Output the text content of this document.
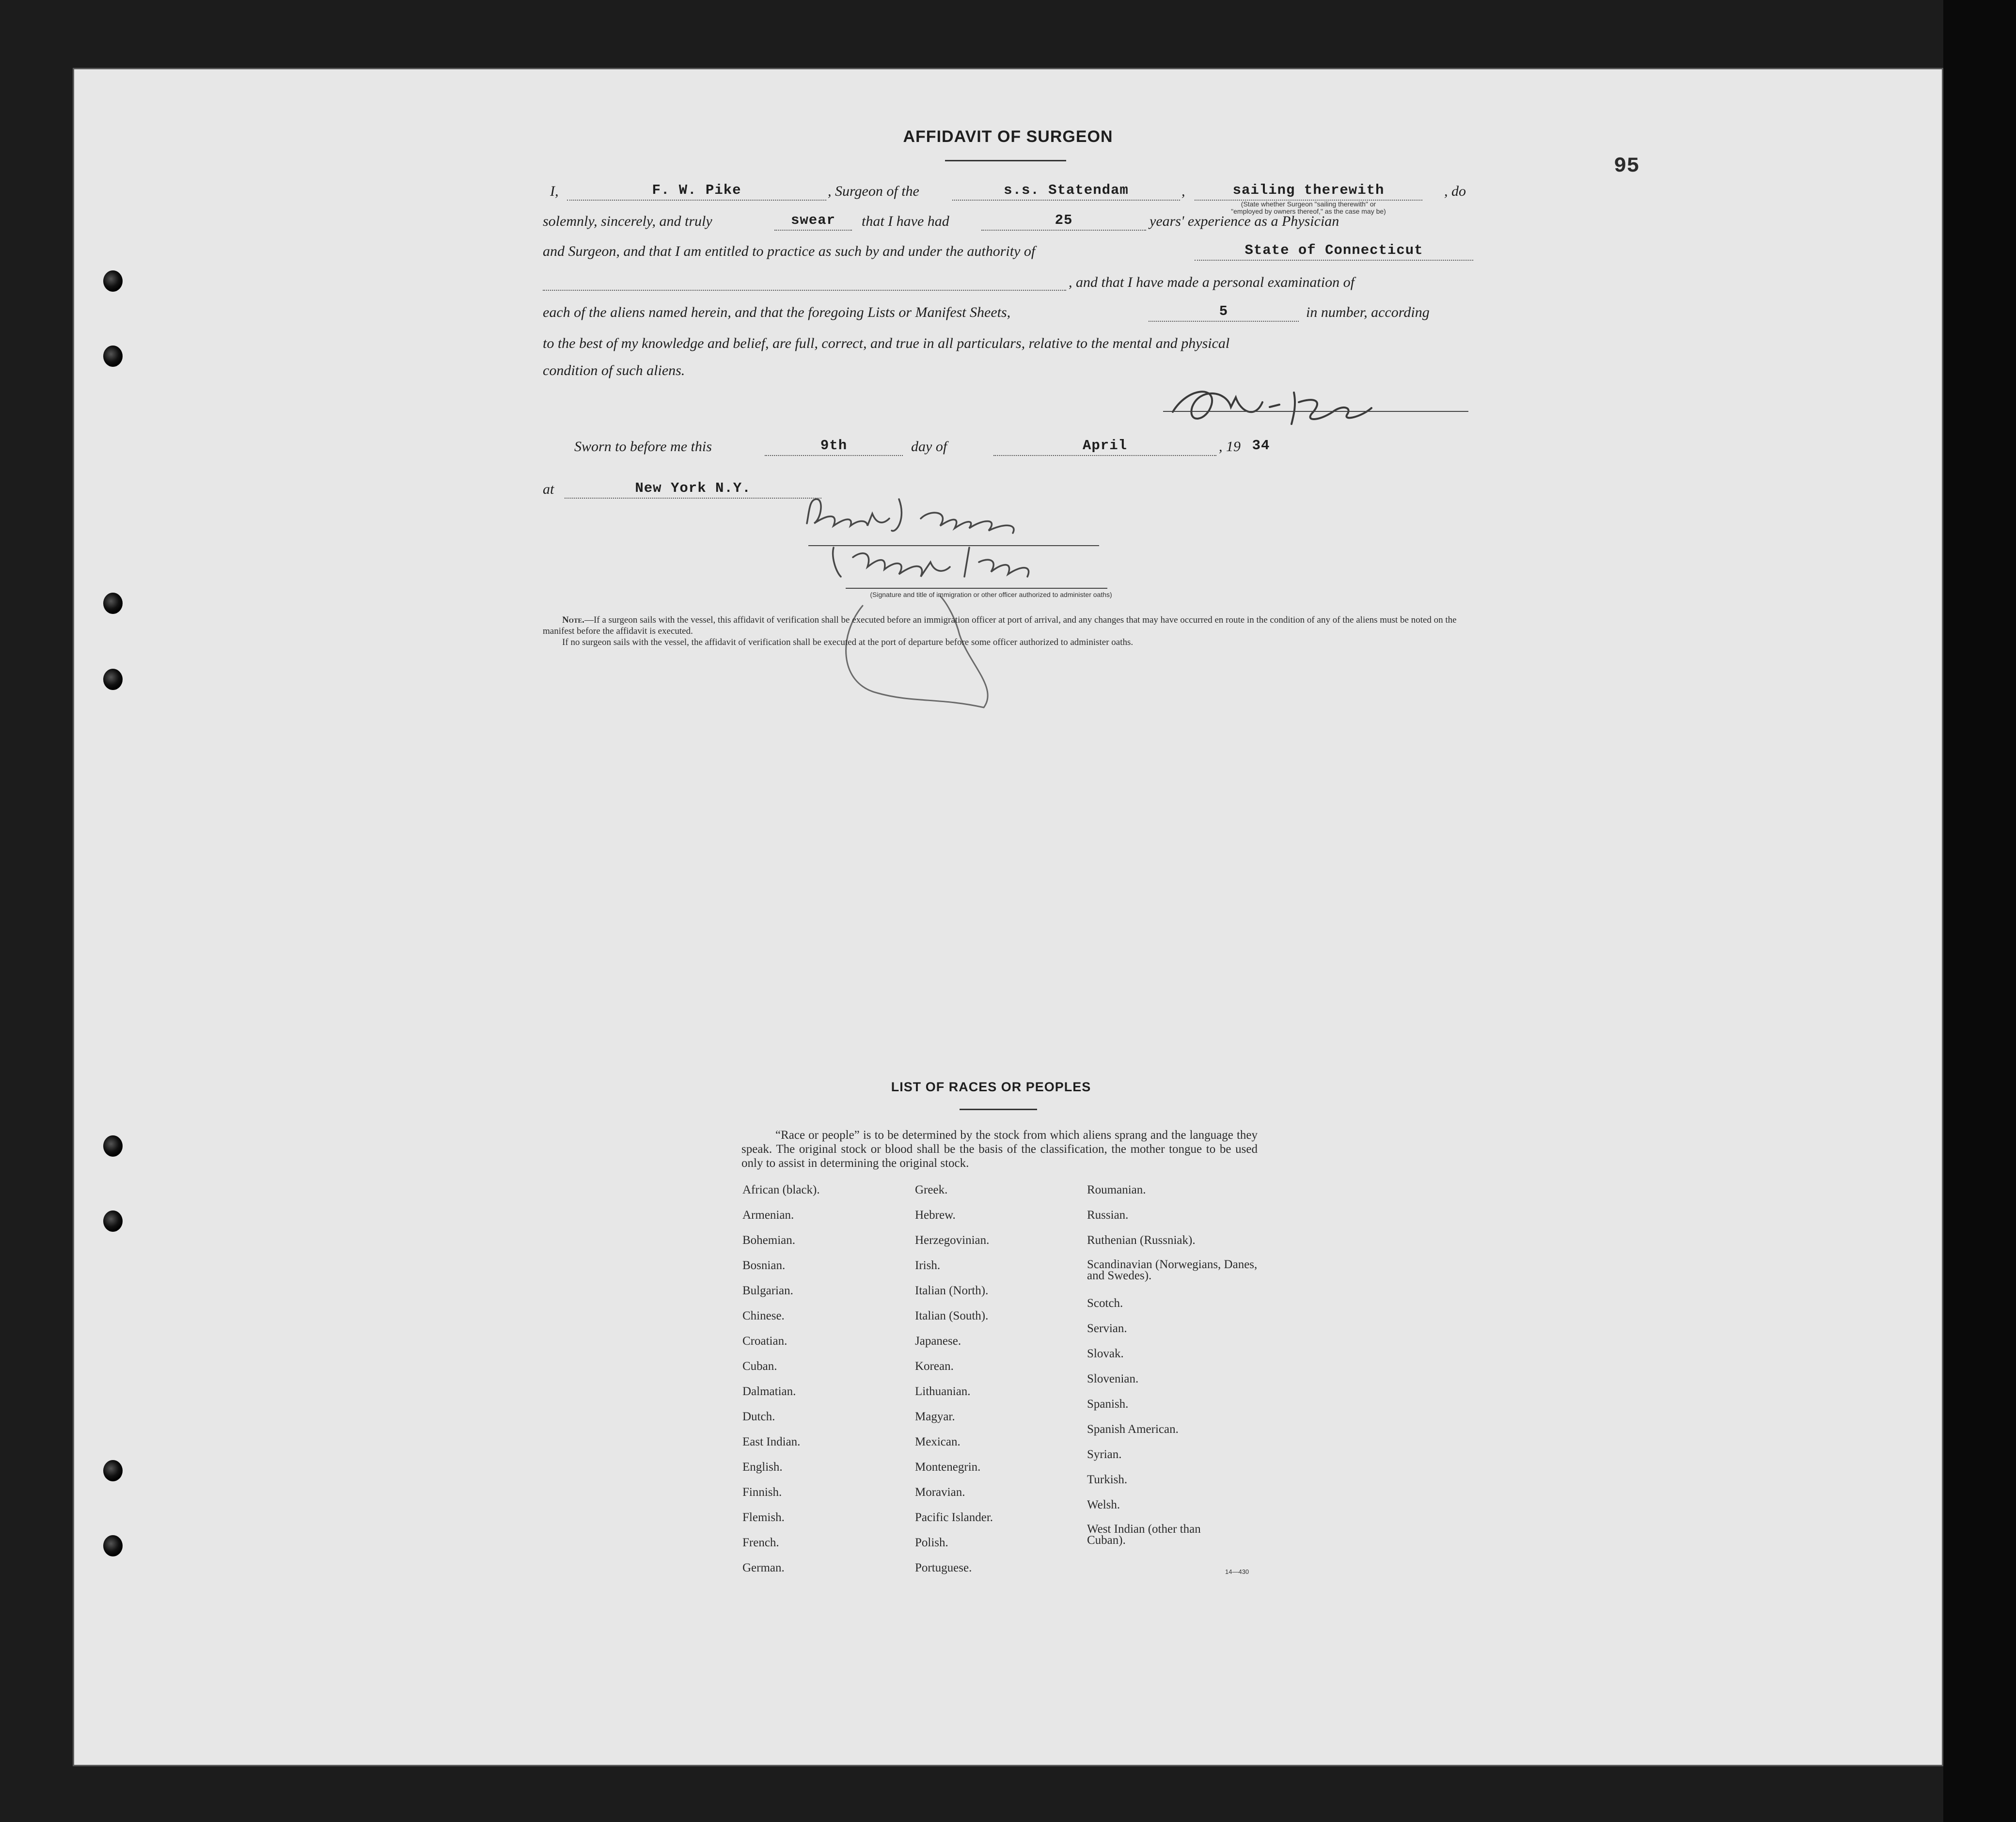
95
AFFIDAVIT OF SURGEON
I,	F. W. Pike	, Surgeon of the	s.s. Statendam	,	sailing therewith	, do
(State whether Surgeon "sailing therewith" or "employed by owners thereof," as the case may be)
solemnly, sincerely, and truly	swear	that I have had	25	years' experience as a Physician
and Surgeon, and that I am entitled to practice as such by and under the authority of	State of Connecticut
, and that I have made a personal examination of
each of the aliens named herein, and that the foregoing Lists or Manifest Sheets,	5	in number, according
to the best of my knowledge and belief, are full, correct, and true in all particulars, relative to the mental and physical
condition of such aliens.
Sworn to before me this	9th	day of	April	, 19 34
at	New York N.Y.
(Signature and title of immigration or other officer authorized to administer oaths)
Note.—If a surgeon sails with the vessel, this affidavit of verification shall be executed before an immigration officer at port of arrival, and any changes that may have occurred en route in the condition of any of the aliens must be noted on the manifest before the affidavit is executed.
If no surgeon sails with the vessel, the affidavit of verification shall be executed at the port of departure before some officer authorized to administer oaths.
LIST OF RACES OR PEOPLES
“Race or people” is to be determined by the stock from which aliens sprang and the language they speak. The original stock or blood shall be the basis of the classification, the mother tongue to be used only to assist in determining the original stock.
African (black).
Armenian.
Bohemian.
Bosnian.
Bulgarian.
Chinese.
Croatian.
Cuban.
Dalmatian.
Dutch.
East Indian.
English.
Finnish.
Flemish.
French.
German.
Greek.
Hebrew.
Herzegovinian.
Irish.
Italian (North).
Italian (South).
Japanese.
Korean.
Lithuanian.
Magyar.
Mexican.
Montenegrin.
Moravian.
Pacific Islander.
Polish.
Portuguese.
Roumanian.
Russian.
Ruthenian (Russniak).
Scandinavian (Norwegians, Danes, and Swedes).
Scotch.
Servian.
Slovak.
Slovenian.
Spanish.
Spanish American.
Syrian.
Turkish.
Welsh.
West Indian (other than Cuban).
14—430
